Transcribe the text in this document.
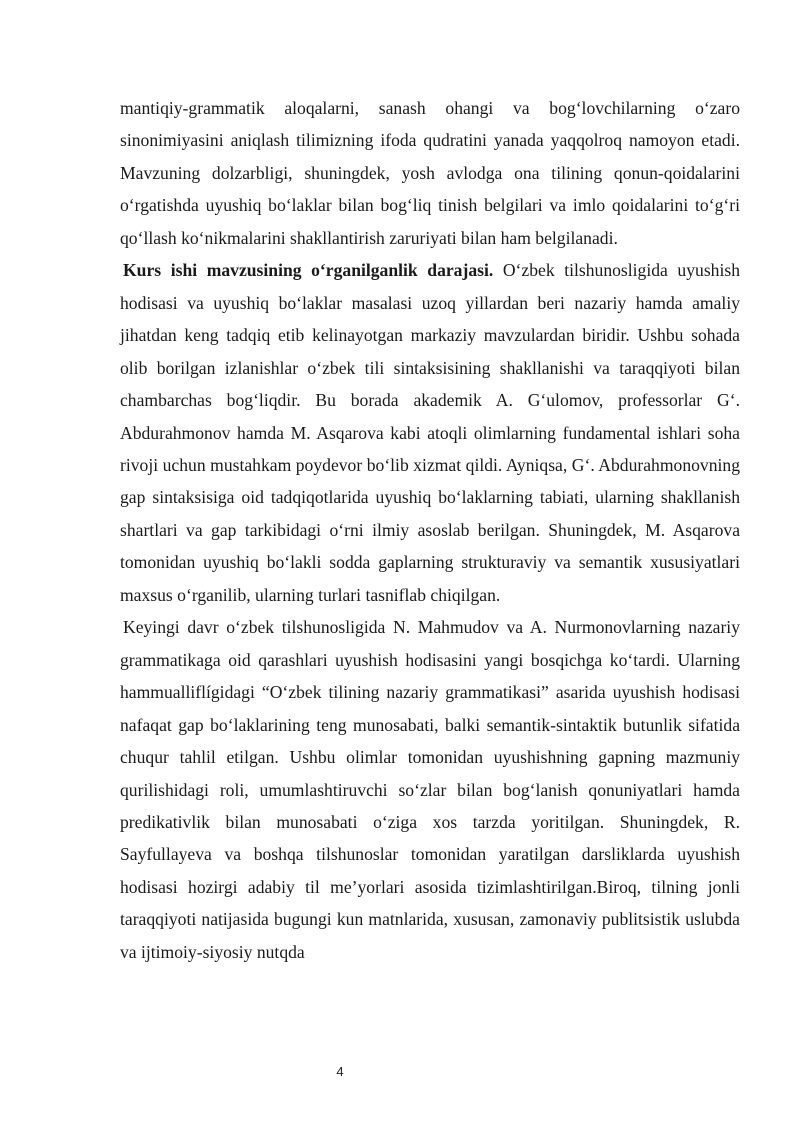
mantiqiy-grammatik aloqalarni, sanash ohangi va bog‘lovchilarning o‘zaro sinonimiyasini aniqlash tilimizning ifoda qudratini yanada yaqqolroq namoyon etadi. Mavzuning dolzarbligi, shuningdek, yosh avlodga ona tilining qonun-qoidalarini o‘rgatishda uyushiq bo‘laklar bilan bog‘liq tinish belgilari va imlo qoidalarini to‘g‘ri qo‘llash ko‘nikmalarini shakllantirish zaruriyati bilan ham belgilanadi.

Kurs ishi mavzusining o‘rganilganlik darajasi. O‘zbek tilshunosligida uyushish hodisasi va uyushiq bo‘laklar masalasi uzoq yillardan beri nazariy hamda amaliy jihatdan keng tadqiq etib kelinayotgan markaziy mavzulardan biridir. Ushbu sohada olib borilgan izlanishlar o‘zbek tili sintaksisining shakllanishi va taraqqiyoti bilan chambarchas bog‘liqdir. Bu borada akademik A. G‘ulomov, professorlar G‘. Abdurahmonov hamda M. Asqarova kabi atoqli olimlarning fundamental ishlari soha rivoji uchun mustahkam poydevor bo‘lib xizmat qildi. Ayniqsa, G‘. Abdurahmonovning gap sintaksisiga oid tadqiqotlarida uyushiq bo‘laklarning tabiati, ularning shakllanish shartlari va gap tarkibidagi o‘rni ilmiy asoslab berilgan. Shuningdek, M. Asqarova tomonidan uyushiq bo‘lakli sodda gaplarning strukturaviy va semantik xususiyatlari maxsus o‘rganilib, ularning turlari tasniflab chiqilgan.

Keyingi davr o‘zbek tilshunosligida N. Mahmudov va A. Nurmonovlarning nazariy grammatikaga oid qarashlari uyushish hodisasini yangi bosqichga ko‘tardi. Ularning hammualliflígidagi “O‘zbek tilining nazariy grammatikasi” asarida uyushish hodisasi nafaqat gap bo‘laklarining teng munosabati, balki semantik-sintaktik butunlik sifatida chuqur tahlil etilgan. Ushbu olimlar tomonidan uyushishning gapning mazmuniy qurilishidagi roli, umumlashtiruvchi so‘zlar bilan bog‘lanish qonuniyatlari hamda predikativlik bilan munosabati o‘ziga xos tarzda yoritilgan. Shuningdek, R. Sayfullayeva va boshqa tilshunoslar tomonidan yaratilgan darsliklarda uyushish hodisasi hozirgi adabiy til me’yorlari asosida tizimlashtirilgan.Biroq, tilning jonli taraqqiyoti natijasida bugungi kun matnlarida, xususan, zamonaviy publitsistik uslubda va ijtimoiy-siyosiy nutqda

4
